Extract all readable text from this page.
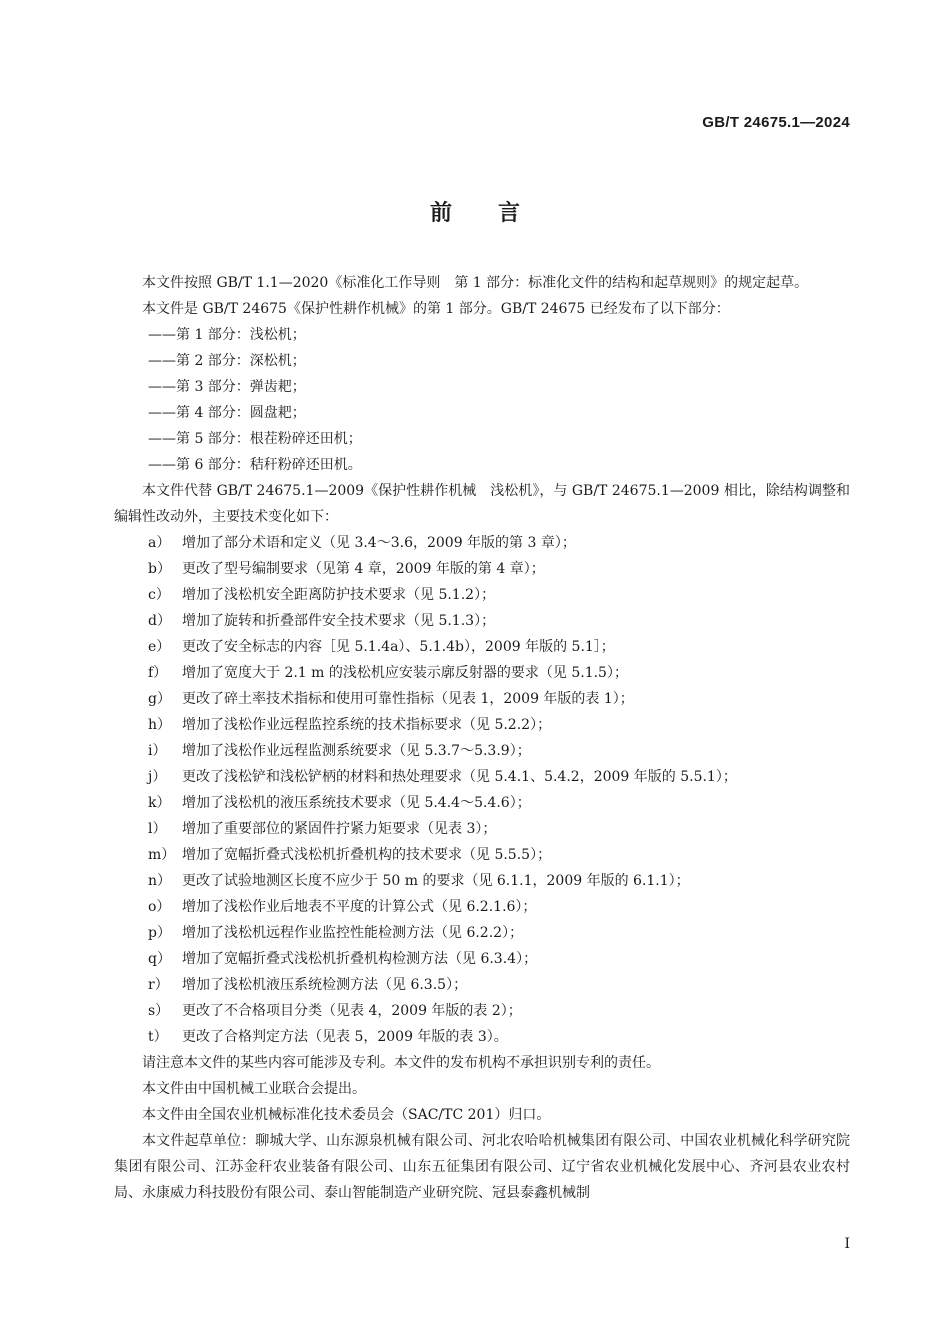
GB/T 24675.1—2024
前言

本文件按照 GB/T 1.1—2020《标准化工作导则　第 1 部分：标准化文件的结构和起草规则》的规定起草。

本文件是 GB/T 24675《保护性耕作机械》的第 1 部分。GB/T 24675 已经发布了以下部分：

——第 1 部分：浅松机；

——第 2 部分：深松机；

——第 3 部分：弹齿耙；

——第 4 部分：圆盘耙；

——第 5 部分：根茬粉碎还田机；

——第 6 部分：秸秆粉碎还田机。

本文件代替 GB/T 24675.1—2009《保护性耕作机械　浅松机》，与 GB/T 24675.1—2009 相比，除结构调整和编辑性改动外，主要技术变化如下：

a） 增加了部分术语和定义（见 3.4～3.6，2009 年版的第 3 章）；
b） 更改了型号编制要求（见第 4 章，2009 年版的第 4 章）；
c） 增加了浅松机安全距离防护技术要求（见 5.1.2）；
d） 增加了旋转和折叠部件安全技术要求（见 5.1.3）；
e） 更改了安全标志的内容［见 5.1.4a）、5.1.4b），2009 年版的 5.1］；
f）	增加了宽度大于 2.1 m 的浅松机应安装示廓反射器的要求（见 5.1.5）；
g） 更改了碎土率技术指标和使用可靠性指标（见表 1，2009 年版的表 1）；
h） 增加了浅松作业远程监控系统的技术指标要求（见 5.2.2）；
i）	增加了浅松作业远程监测系统要求（见 5.3.7～5.3.9）；
j）	更改了浅松铲和浅松铲柄的材料和热处理要求（见 5.4.1、5.4.2，2009 年版的 5.5.1）；
k） 增加了浅松机的液压系统技术要求（见 5.4.4～5.4.6）；
l）	增加了重要部位的紧固件拧紧力矩要求（见表 3）；
m） 增加了宽幅折叠式浅松机折叠机构的技术要求（见 5.5.5）；
n） 更改了试验地测区长度不应少于 50 m 的要求（见 6.1.1，2009 年版的 6.1.1）；
o） 增加了浅松作业后地表不平度的计算公式（见 6.2.1.6）；
p） 增加了浅松机远程作业监控性能检测方法（见 6.2.2）；
q） 增加了宽幅折叠式浅松机折叠机构检测方法（见 6.3.4）；
r） 增加了浅松机液压系统检测方法（见 6.3.5）；
s） 更改了不合格项目分类（见表 4，2009 年版的表 2）；
t）	更改了合格判定方法（见表 5，2009 年版的表 3）。

请注意本文件的某些内容可能涉及专利。本文件的发布机构不承担识别专利的责任。

本文件由中国机械工业联合会提出。

本文件由全国农业机械标准化技术委员会（SAC/TC 201）归口。

本文件起草单位：聊城大学、山东源泉机械有限公司、河北农哈哈机械集团有限公司、中国农业机械化科学研究院集团有限公司、江苏金秆农业装备有限公司、山东五征集团有限公司、辽宁省农业机械化发展中心、齐河县农业农村局、永康威力科技股份有限公司、泰山智能制造产业研究院、冠县泰鑫机械制

I
